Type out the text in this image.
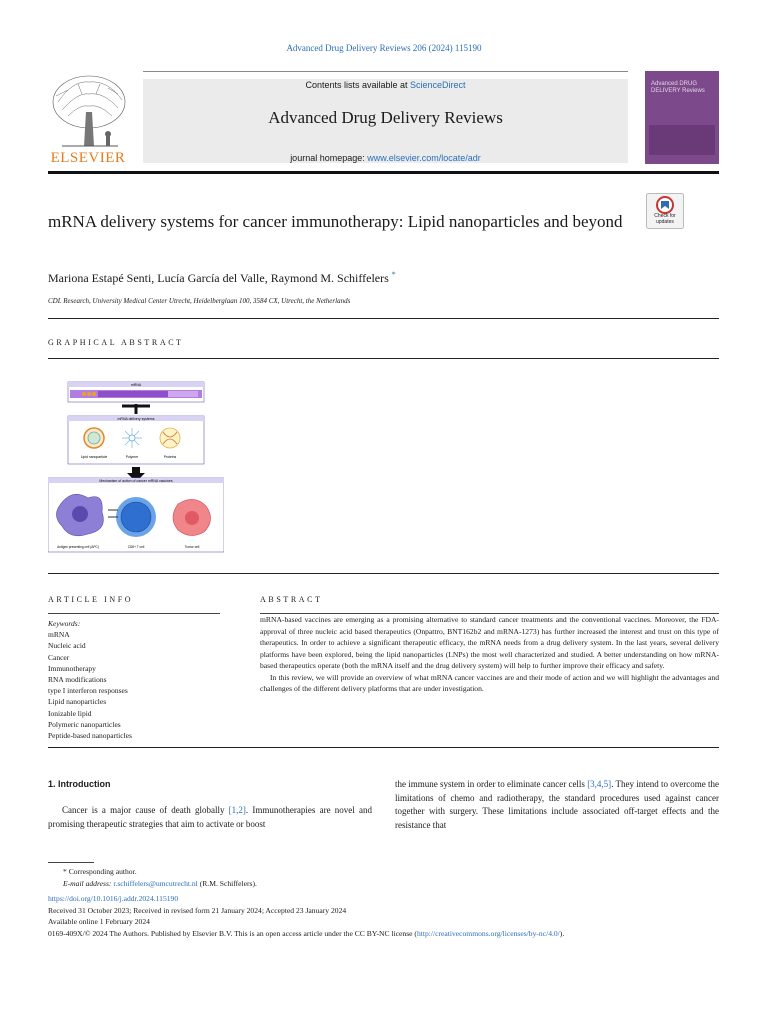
Advanced Drug Delivery Reviews 206 (2024) 115190
ELSEVIER
Contents lists available at ScienceDirect
Advanced Drug Delivery Reviews
journal homepage: www.elsevier.com/locate/adr
Advanced DRUG DELIVERY Reviews
mRNA delivery systems for cancer immunotherapy: Lipid nanoparticles and beyond	Check for updates
Mariona Estapé Senti, Lucía García del Valle, Raymond M. Schiffelers *
CDL Research, University Medical Center Utrecht, Heidelberglaan 100, 3584 CX, Utrecht, the Netherlands
GRAPHICAL ABSTRACT
mRNA
mRNA delivery systems
Lipid nanoparticle	Polymer	Proteins
Mechanism of action of cancer mRNA vaccines
Antigen presenting cell (APC)	CD8+ T cell	Tumor cell
ARTICLE INFO
Keywords:
mRNA
Nucleic acid
Cancer
Immunotherapy
RNA modifications
type I interferon responses
Lipid nanoparticles
Ionizable lipid
Polymeric nanoparticles
Peptide-based nanoparticles
ABSTRACT

mRNA-based vaccines are emerging as a promising alternative to standard cancer treatments and the conventional vaccines. Moreover, the FDA-approval of three nucleic acid based therapeutics (Onpattro, BNT162b2 and mRNA-1273) has further increased the interest and trust on this type of therapeutics. In order to achieve a significant therapeutic efficacy, the mRNA needs from a drug delivery system. In the last years, several delivery platforms have been explored, being the lipid nanoparticles (LNPs) the most well characterized and studied. A better understanding on how mRNA-based therapeutics operate (both the mRNA itself and the drug delivery system) will help to further improve their efficacy and safety.

In this review, we will provide an overview of what mRNA cancer vaccines are and their mode of action and we will highlight the advantages and challenges of the different delivery platforms that are under investigation.

1. Introduction
Cancer is a major cause of death globally [1,2]. Immunotherapies are novel and promising therapeutic strategies that aim to activate or boost
the immune system in order to eliminate cancer cells [3,4,5]. They intend to overcome the limitations of chemo and radiotherapy, the standard procedures used against cancer together with surgery. These limitations include associated off-target effects and the resistance that
* Corresponding author.
E-mail address: r.schiffelers@umcutrecht.nl (R.M. Schiffelers).
https://doi.org/10.1016/j.addr.2024.115190
Received 31 October 2023; Received in revised form 21 January 2024; Accepted 23 January 2024
Available online 1 February 2024
0169-409X/© 2024 The Authors. Published by Elsevier B.V. This is an open access article under the CC BY-NC license (http://creativecommons.org/licenses/by-nc/4.0/).
